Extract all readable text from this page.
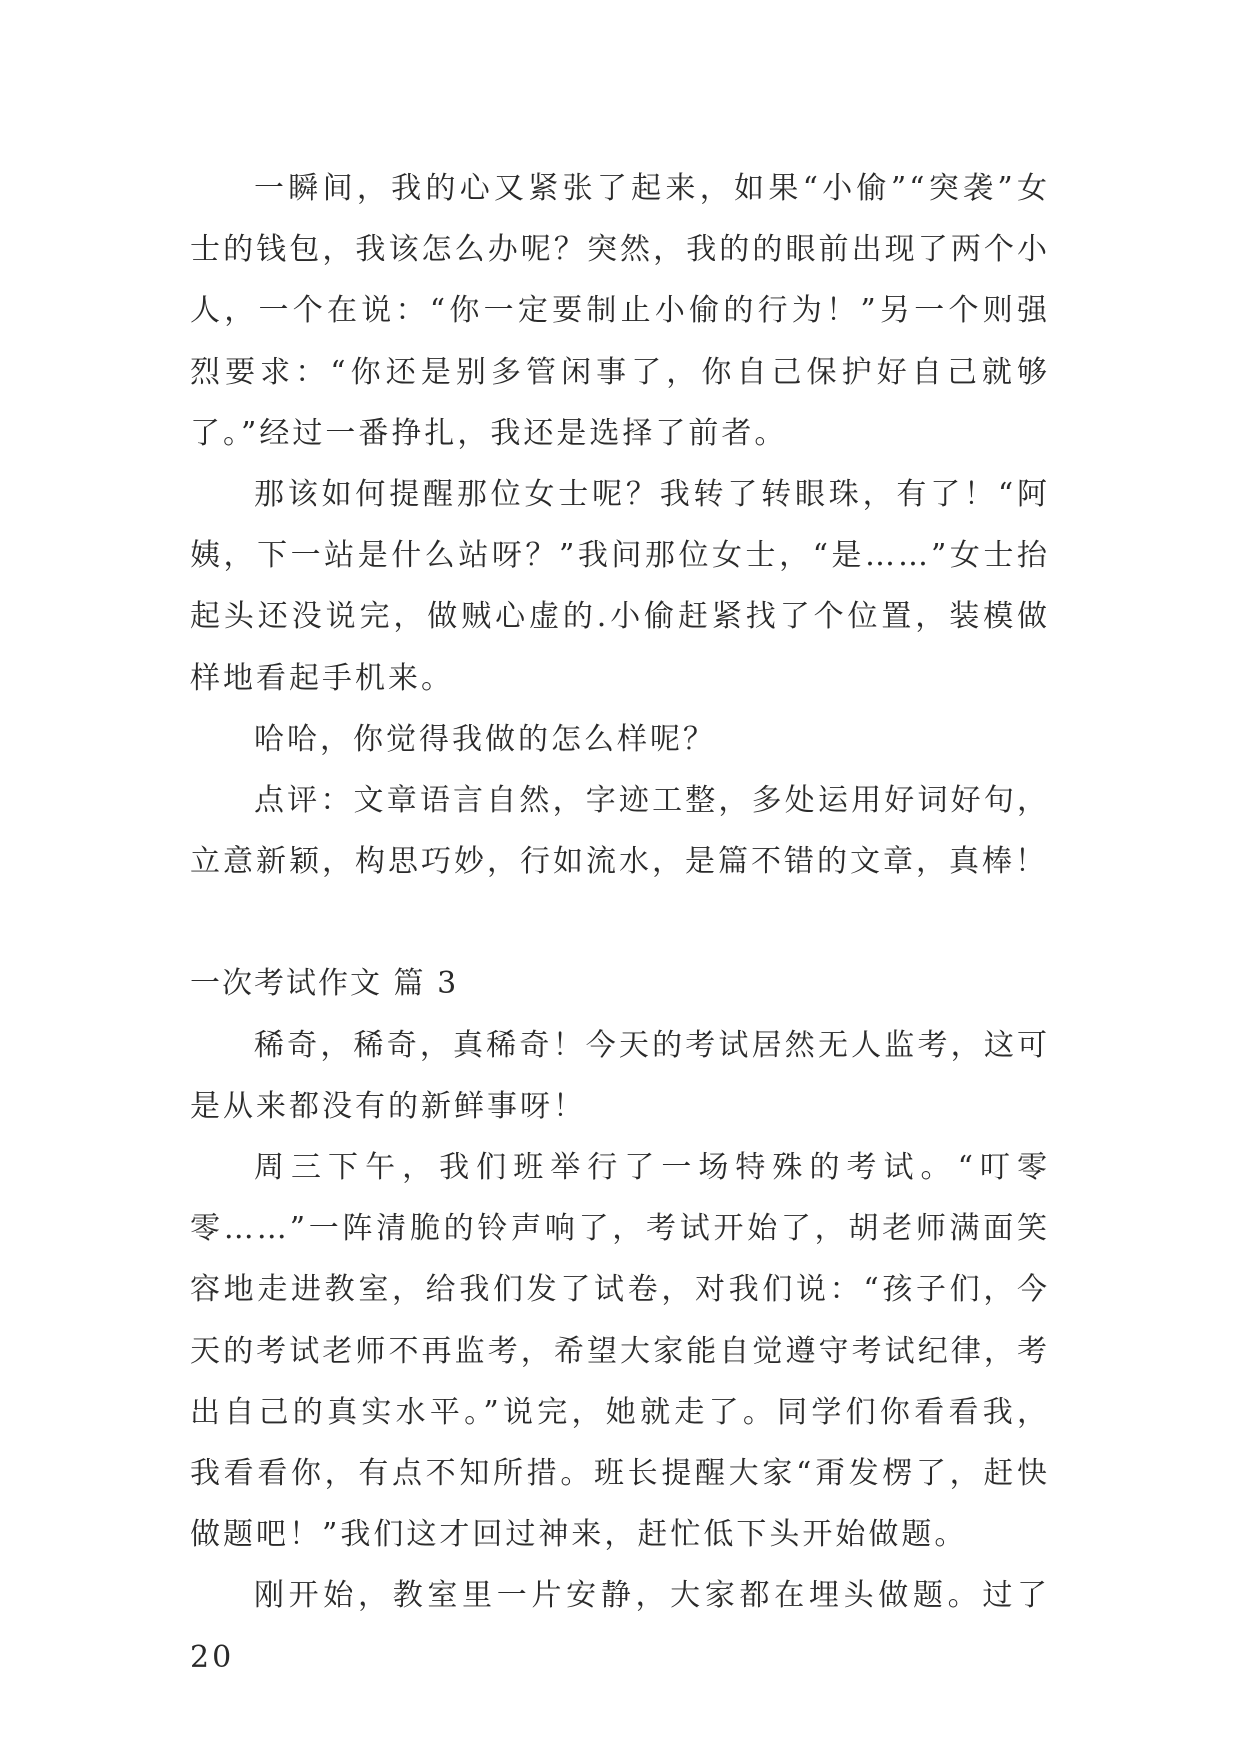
一瞬间，我的心又紧张了起来，如果“小偷”“突袭”女士的钱包，我该怎么办呢？突然，我的的眼前出现了两个小人，一个在说：“你一定要制止小偷的行为！”另一个则强烈要求：“你还是别多管闲事了，你自己保护好自己就够了。”经过一番挣扎，我还是选择了前者。

那该如何提醒那位女士呢？我转了转眼珠，有了！“阿姨，下一站是什么站呀？”我问那位女士，“是……”女士抬起头还没说完，做贼心虚的.小偷赶紧找了个位置，装模做样地看起手机来。

哈哈，你觉得我做的怎么样呢？

点评：文章语言自然，字迹工整，多处运用好词好句，立意新颖，构思巧妙，行如流水，是篇不错的文章，真棒！

一次考试作文 篇 3

稀奇，稀奇，真稀奇！今天的考试居然无人监考，这可是从来都没有的新鲜事呀！

周三下午，我们班举行了一场特殊的考试。“叮零零……”一阵清脆的铃声响了，考试开始了，胡老师满面笑容地走进教室，给我们发了试卷，对我们说：“孩子们，今天的考试老师不再监考，希望大家能自觉遵守考试纪律，考出自己的真实水平。”说完，她就走了。同学们你看看我，我看看你，有点不知所措。班长提醒大家“甭发楞了，赶快做题吧！”我们这才回过神来，赶忙低下头开始做题。

刚开始，教室里一片安静，大家都在埋头做题。过了20
